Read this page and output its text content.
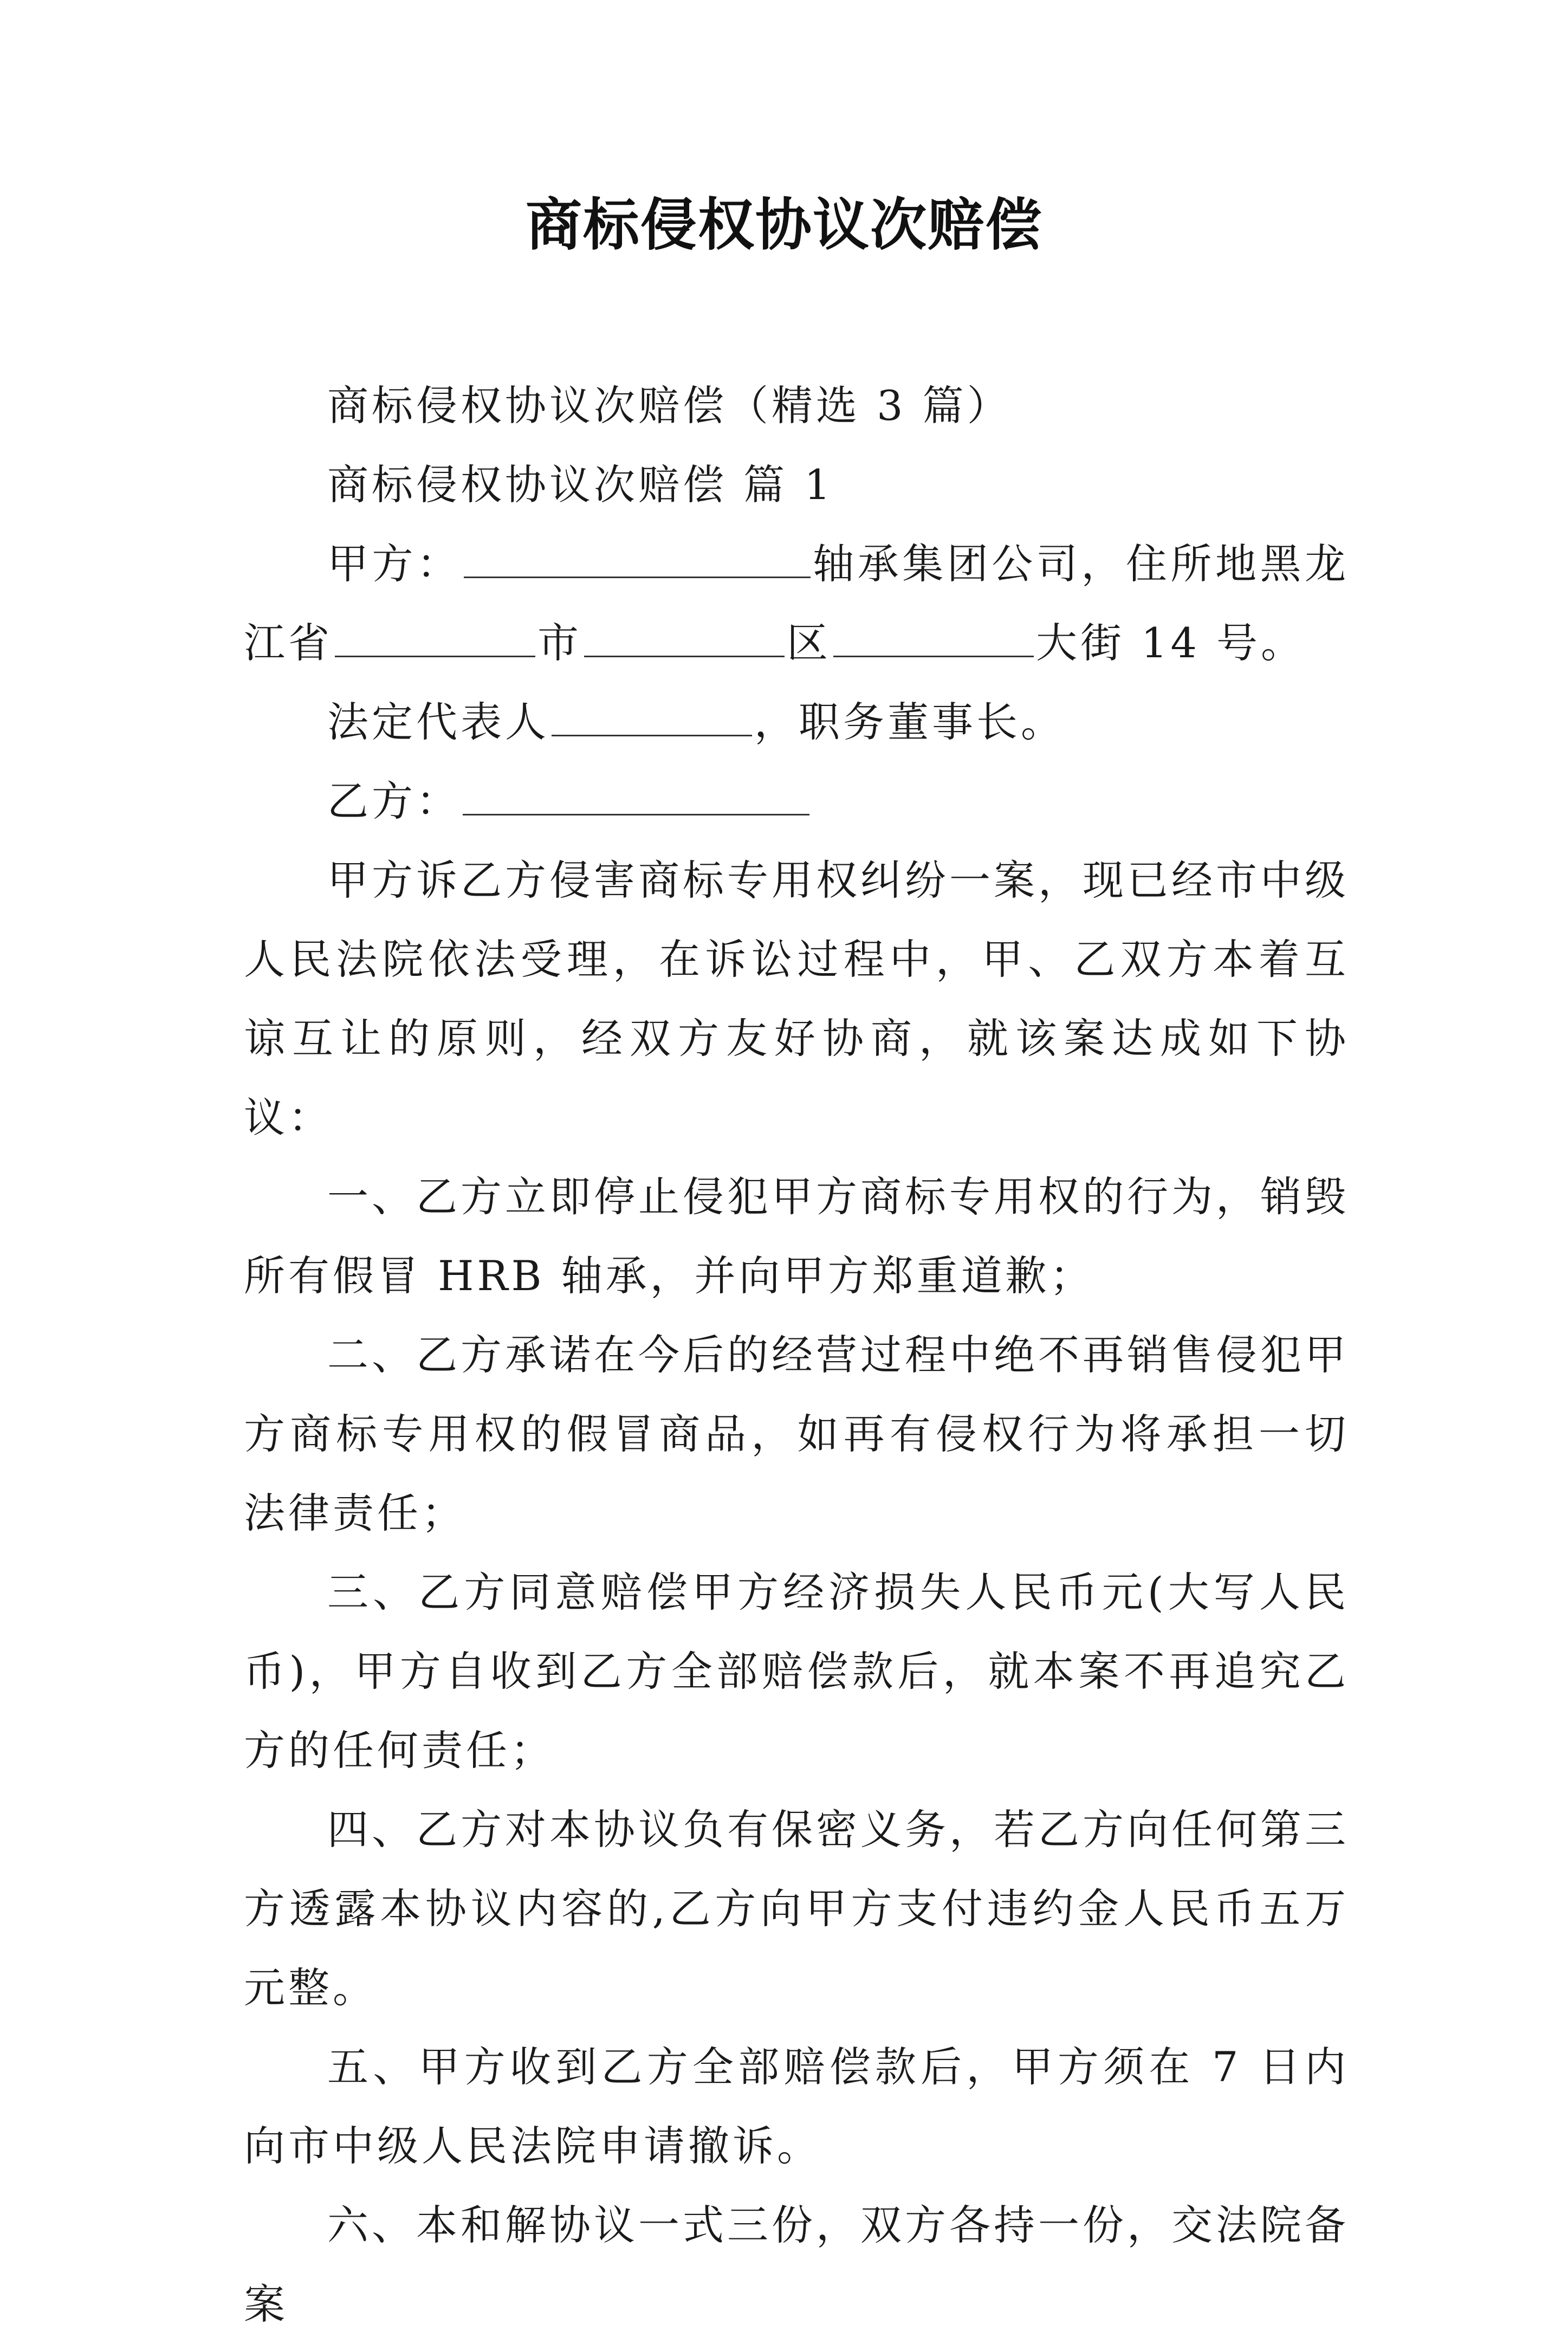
商标侵权协议次赔偿

商标侵权协议次赔偿（精选 3 篇）

商标侵权协议次赔偿 篇 1

甲方：	轴承集团公司，住所地黑龙江省	市	区	大街 14 号。

法定代表人	，职务董事长。

乙方：

甲方诉乙方侵害商标专用权纠纷一案，现已经市中级人民法院依法受理，在诉讼过程中，甲、乙双方本着互谅互让的原则，经双方友好协商，就该案达成如下协议：

一、乙方立即停止侵犯甲方商标专用权的行为，销毁所有假冒 HRB 轴承，并向甲方郑重道歉；

二、乙方承诺在今后的经营过程中绝不再销售侵犯甲方商标专用权的假冒商品，如再有侵权行为将承担一切法律责任；

三、乙方同意赔偿甲方经济损失人民币元(大写人民币)，甲方自收到乙方全部赔偿款后，就本案不再追究乙方的任何责任；

四、乙方对本协议负有保密义务，若乙方向任何第三方透露本协议内容的,乙方向甲方支付违约金人民币五万元整。

五、甲方收到乙方全部赔偿款后，甲方须在 7 日内向市中级人民法院申请撤诉。

六、本和解协议一式三份，双方各持一份，交法院备案
